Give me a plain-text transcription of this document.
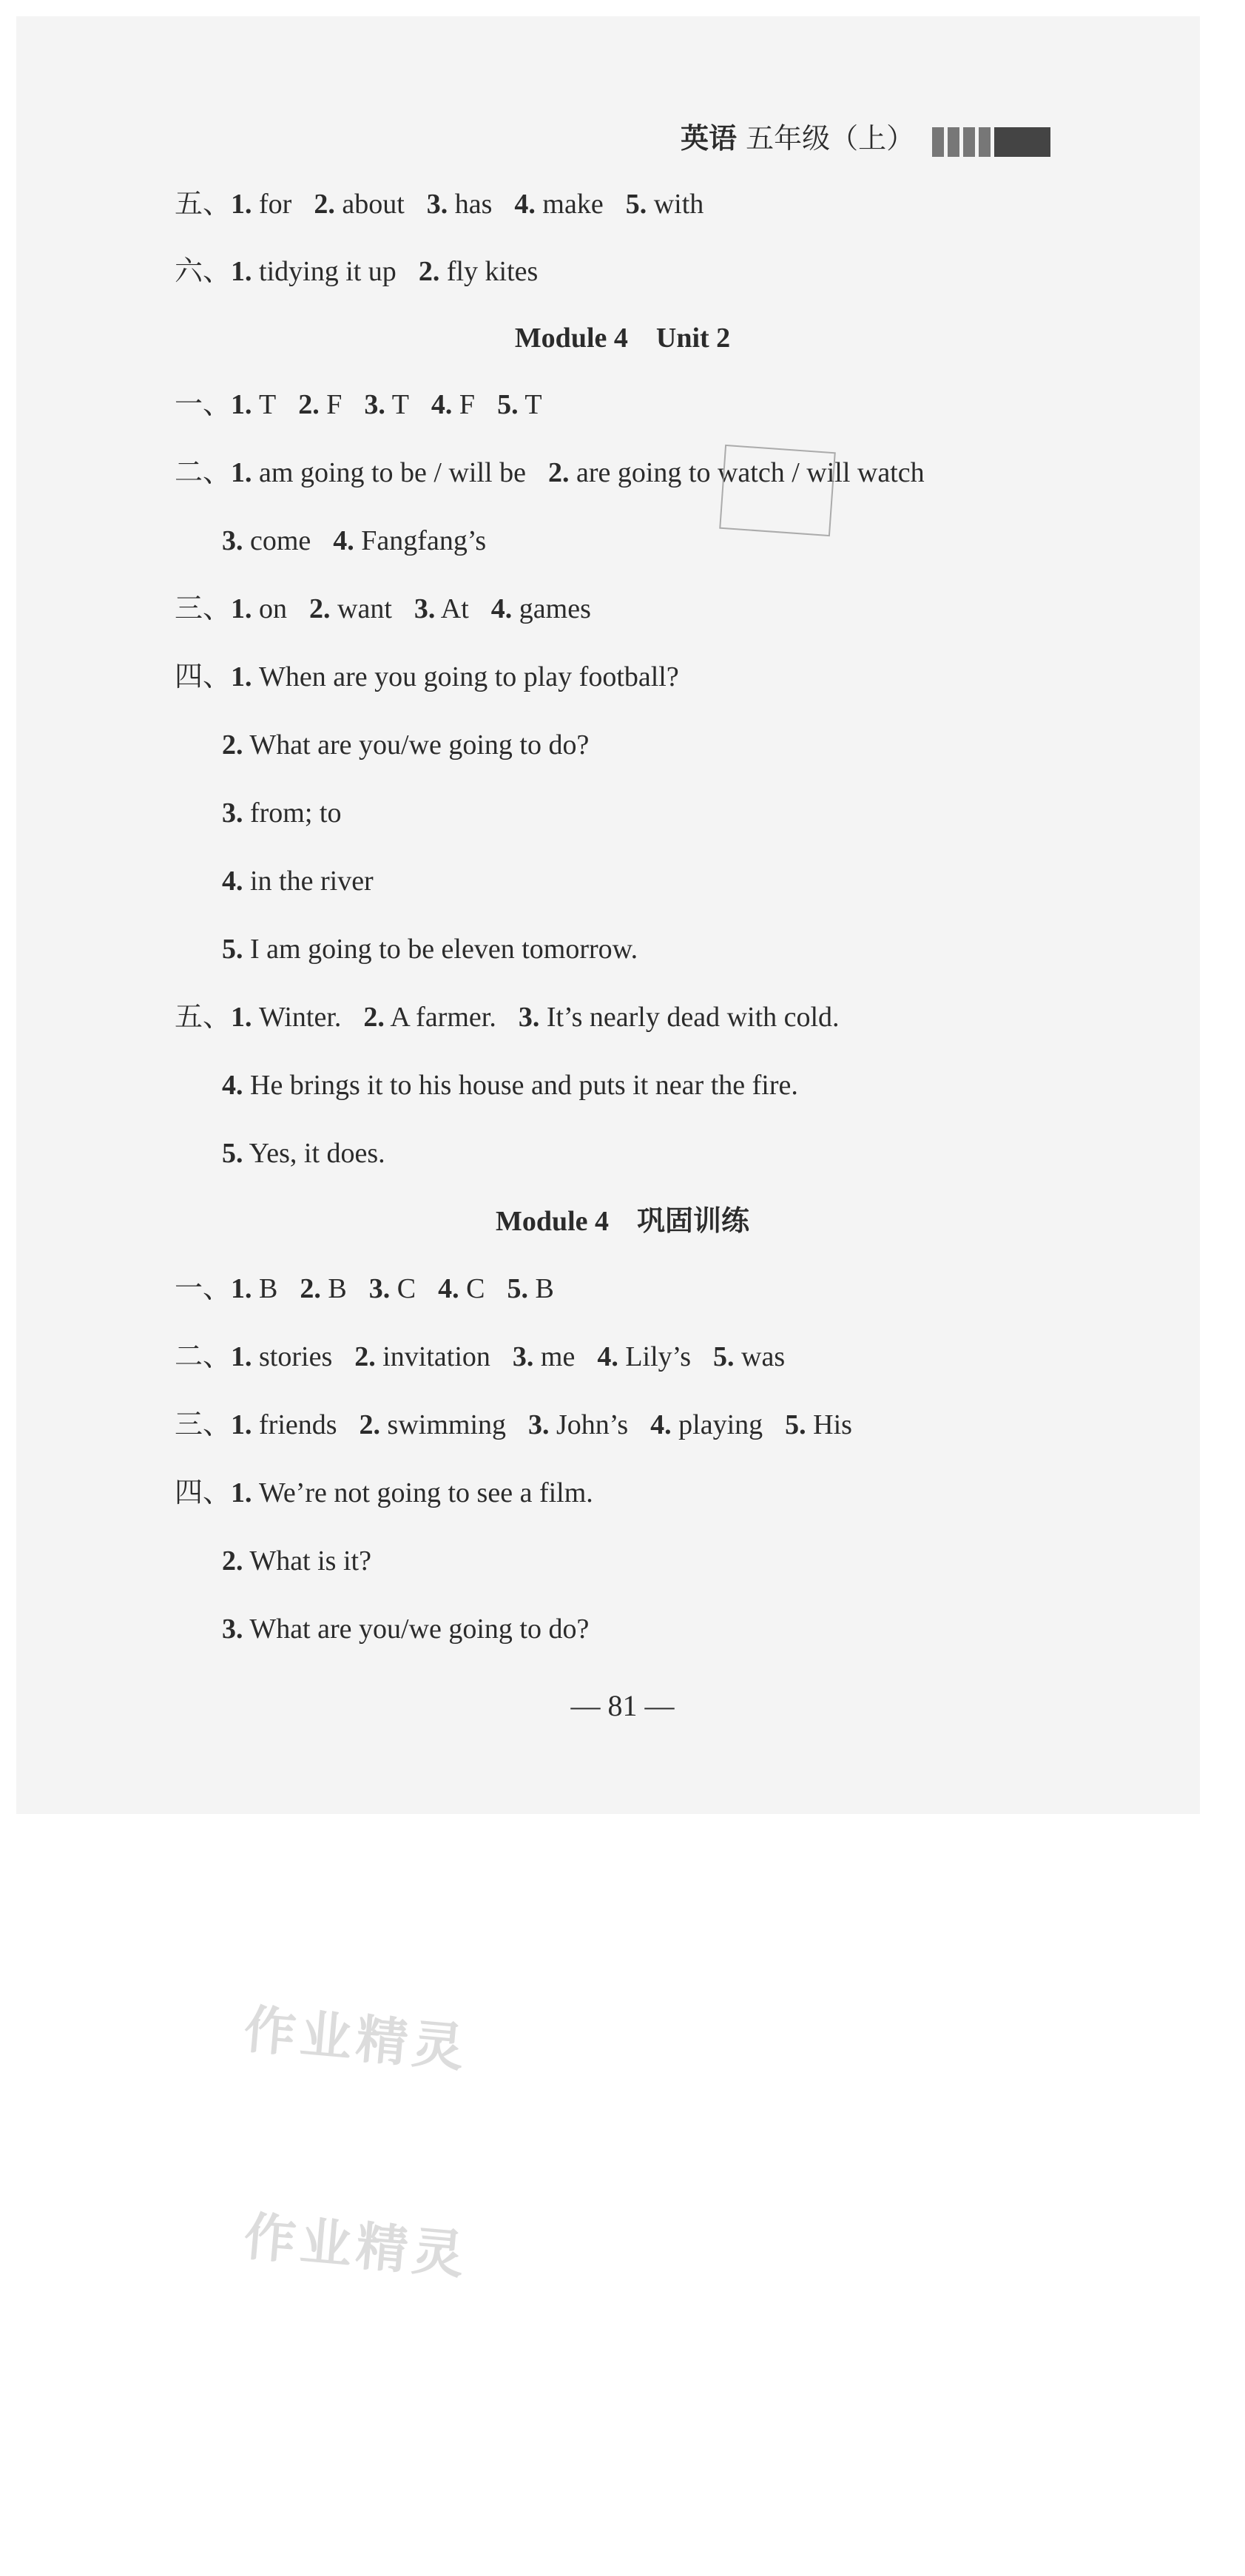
英语 五年级（上）
五、1. for 2. about 3. has 4. make 5. with
六、1. tidying it up 2. fly kites
Module 4　Unit 2
一、1. T 2. F 3. T 4. F 5. T
二、1. am going to be / will be 2. are going to watch / will watch
3. come 4. Fangfang’s
三、1. on 2. want 3. At 4. games
四、1. When are you going to play football?
2. What are you/we going to do?
3. from; to
4. in the river
5. I am going to be eleven tomorrow.
五、1. Winter. 2. A farmer. 3. It’s nearly dead with cold.
4. He brings it to his house and puts it near the fire.
5. Yes, it does.
Module 4　巩固训练
一、1. B 2. B 3. C 4. C 5. B
二、1. stories 2. invitation 3. me 4. Lily’s 5. was
三、1. friends 2. swimming 3. John’s 4. playing 5. His
四、1. We’re not going to see a film.
2. What is it?
3. What are you/we going to do?
— 81 —
作业精灵
作业精灵
